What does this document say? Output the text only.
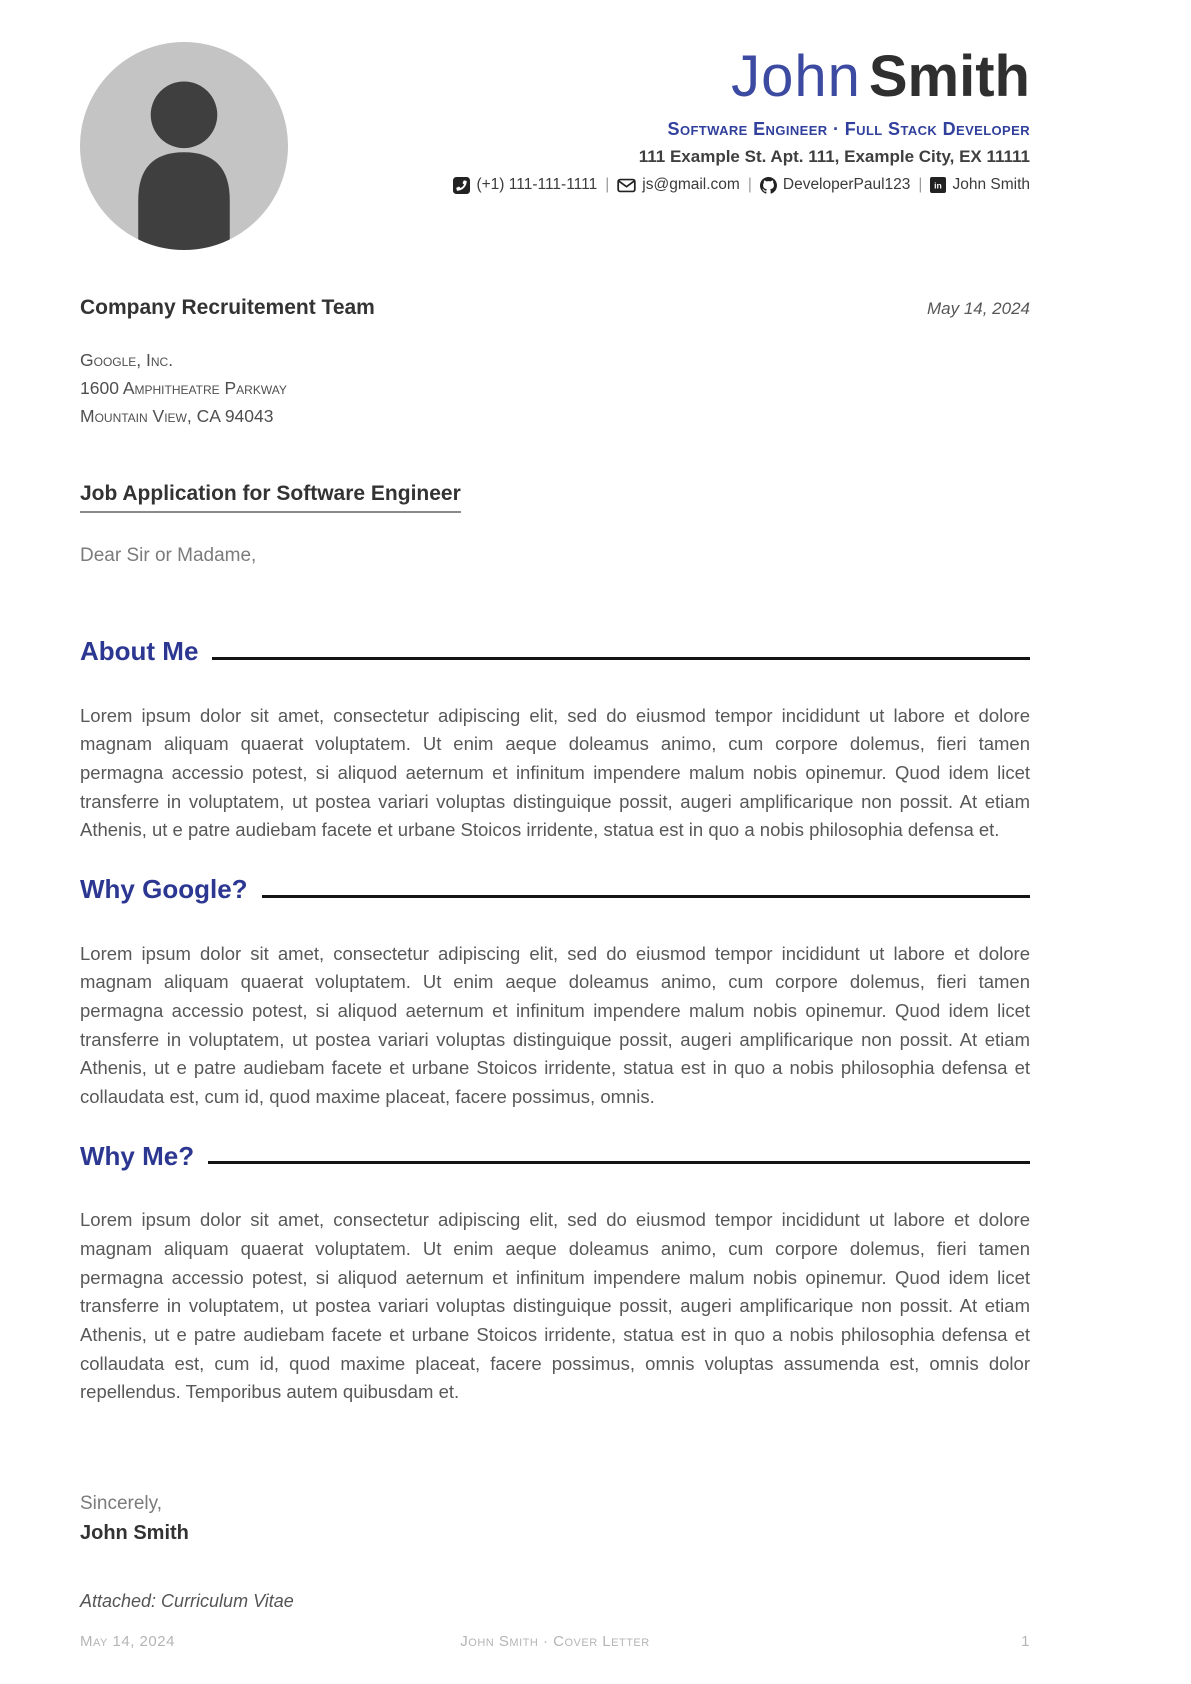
John Smith
Software Engineer · Full Stack Developer
111 Example St. Apt. 111, Example City, EX 11111
(+1) 111-111-1111 | js@gmail.com | DeveloperPaul123 | in John Smith
Company Recruitement Team	May 14, 2024
Google, Inc.
1600 Amphitheatre Parkway
Mountain View, CA 94043
Job Application for Software Engineer
Dear Sir or Madame,
About Me

Lorem ipsum dolor sit amet, consectetur adipiscing elit, sed do eiusmod tempor incididunt ut labore et dolore magnam aliquam quaerat voluptatem. Ut enim aeque doleamus animo, cum corpore dolemus, fieri tamen permagna accessio potest, si aliquod aeternum et infinitum impendere malum nobis opinemur. Quod idem licet transferre in voluptatem, ut postea variari voluptas distinguique possit, augeri amplificarique non possit. At etiam Athenis, ut e patre audiebam facete et urbane Stoicos irridente, statua est in quo a nobis philosophia defensa et.

Why Google?

Lorem ipsum dolor sit amet, consectetur adipiscing elit, sed do eiusmod tempor incididunt ut labore et dolore magnam aliquam quaerat voluptatem. Ut enim aeque doleamus animo, cum corpore dolemus, fieri tamen permagna accessio potest, si aliquod aeternum et infinitum impendere malum nobis opinemur. Quod idem licet transferre in voluptatem, ut postea variari voluptas distinguique possit, augeri amplificarique non possit. At etiam Athenis, ut e patre audiebam facete et urbane Stoicos irridente, statua est in quo a nobis philosophia defensa et collaudata est, cum id, quod maxime placeat, facere possimus, omnis.

Why Me?

Lorem ipsum dolor sit amet, consectetur adipiscing elit, sed do eiusmod tempor incididunt ut labore et dolore magnam aliquam quaerat voluptatem. Ut enim aeque doleamus animo, cum corpore dolemus, fieri tamen permagna accessio potest, si aliquod aeternum et infinitum impendere malum nobis opinemur. Quod idem licet transferre in voluptatem, ut postea variari voluptas distinguique possit, augeri amplificarique non possit. At etiam Athenis, ut e patre audiebam facete et urbane Stoicos irridente, statua est in quo a nobis philosophia defensa et collaudata est, cum id, quod maxime placeat, facere possimus, omnis voluptas assumenda est, omnis dolor repellendus. Temporibus autem quibusdam et.

Sincerely,
John Smith
Attached: Curriculum Vitae
May 14, 2024	John Smith · Cover Letter	1
